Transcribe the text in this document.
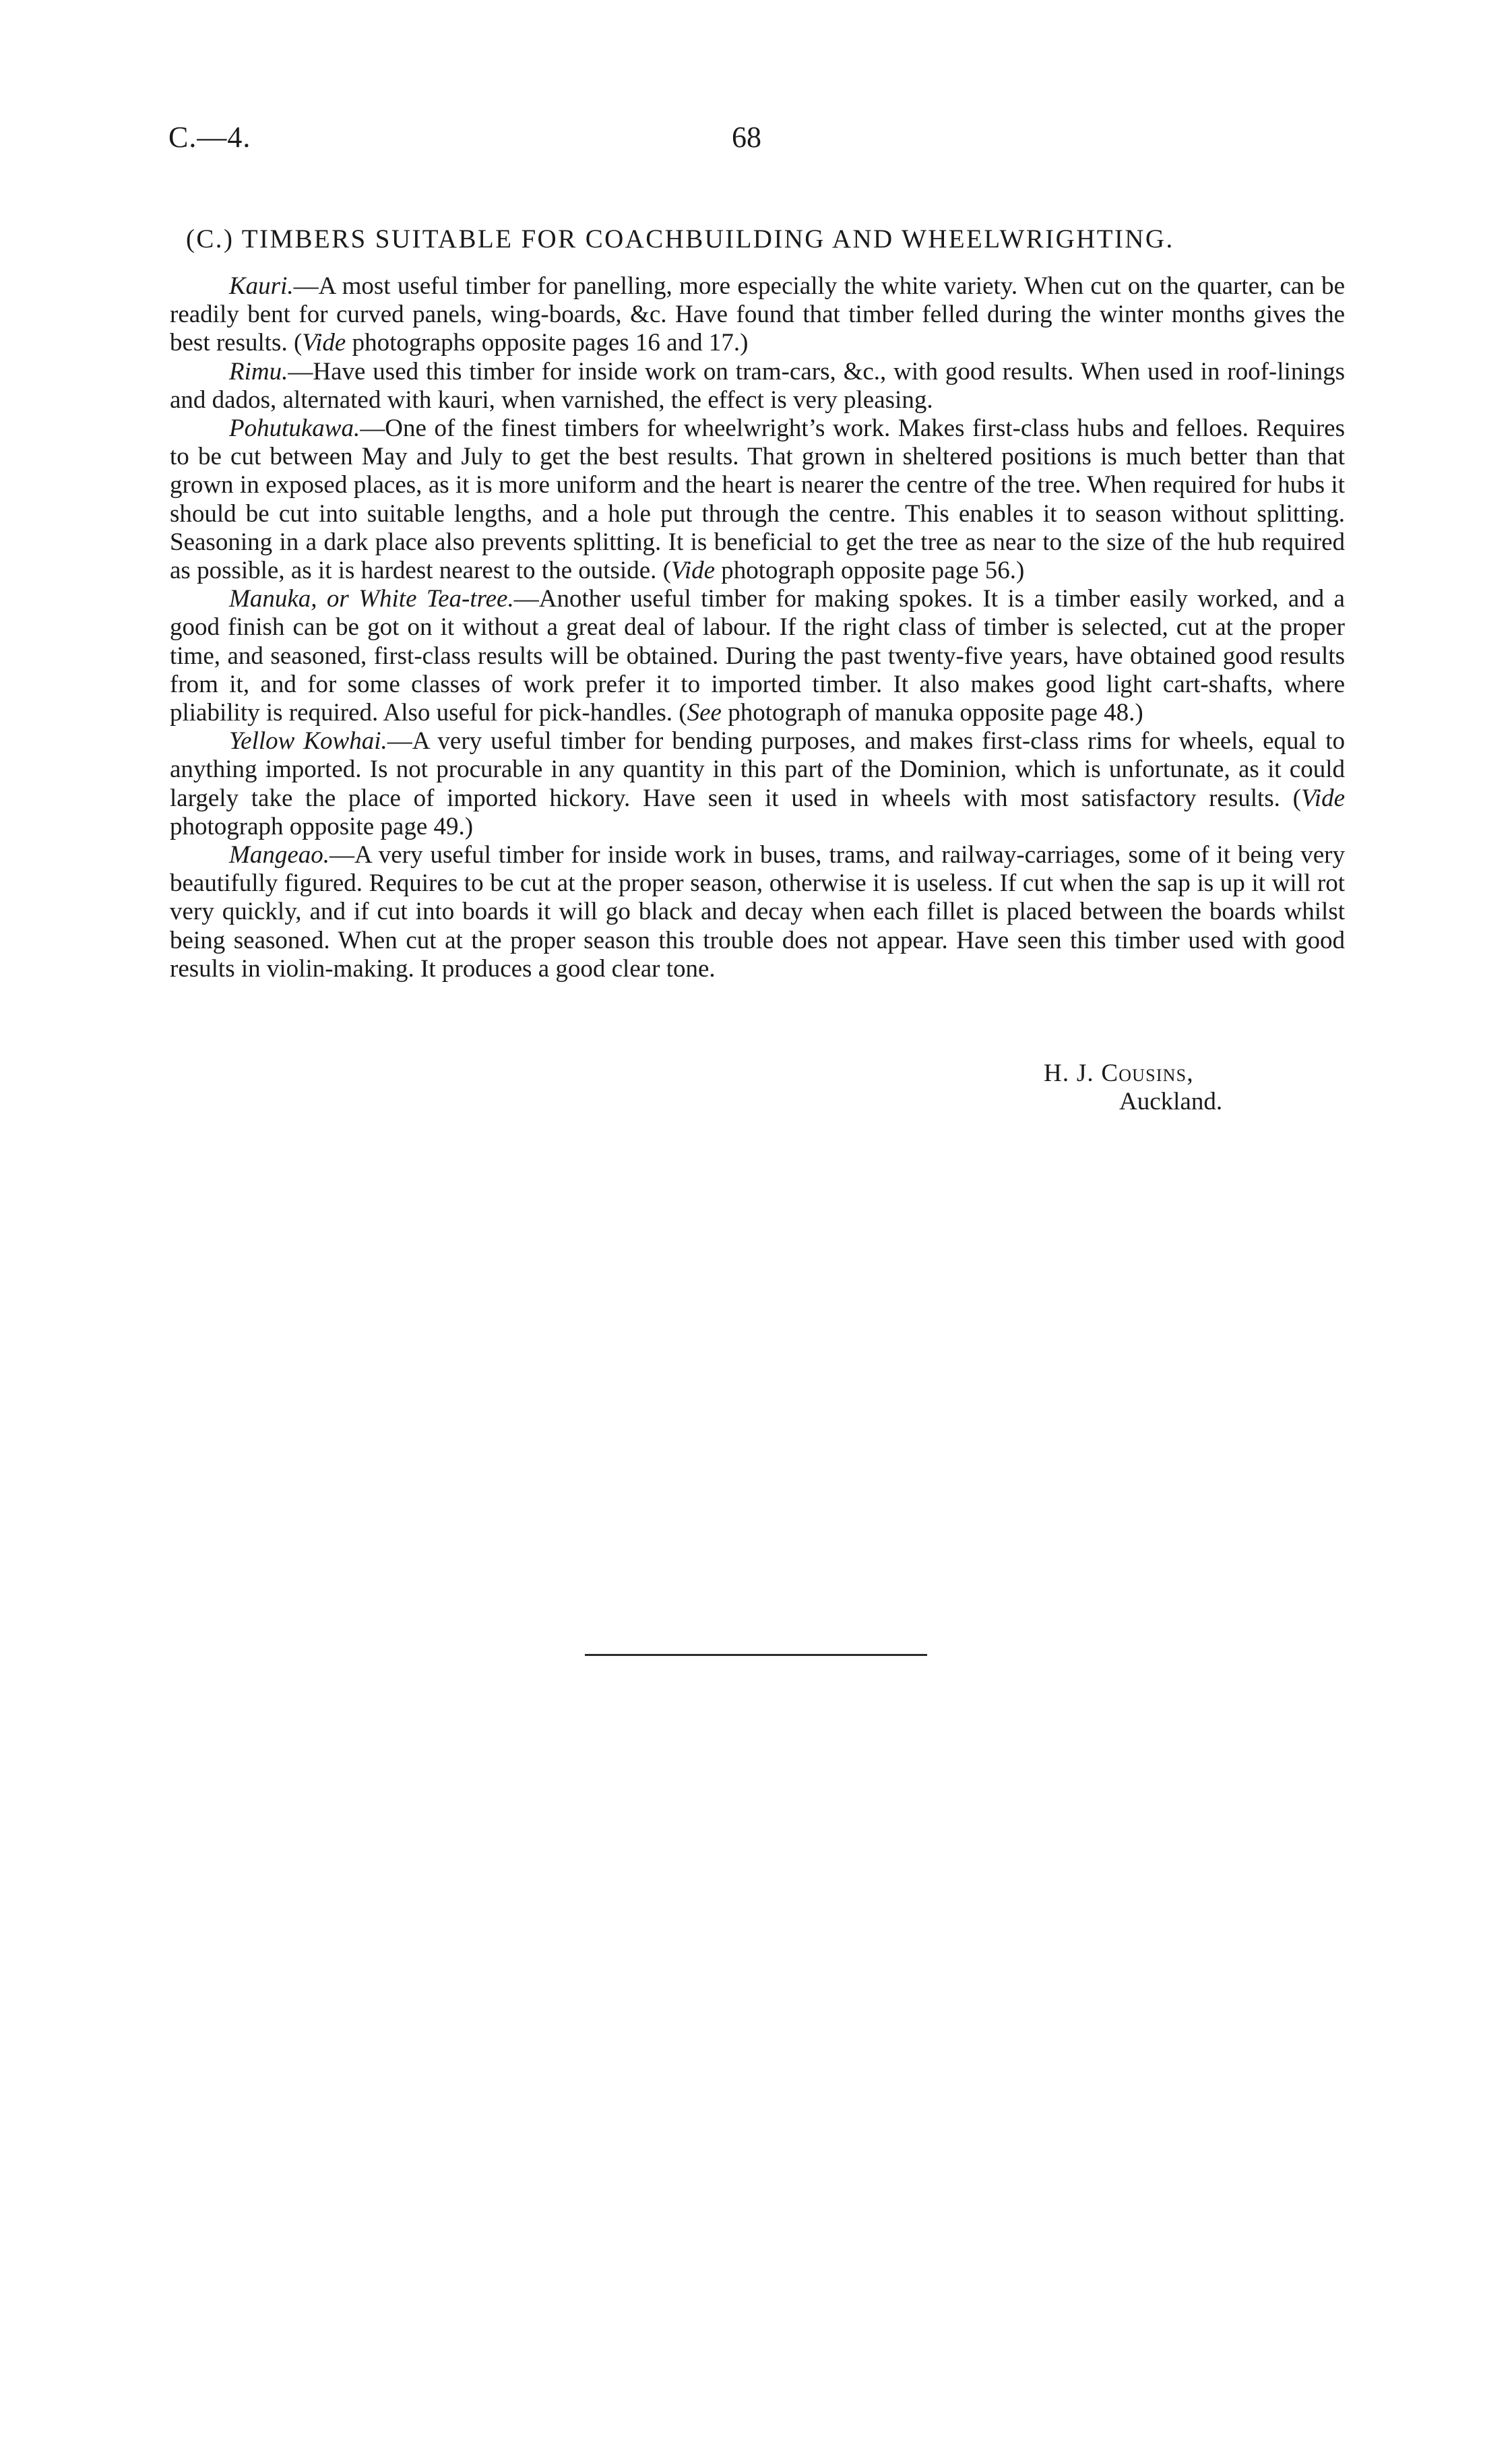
C.—4.	68
(C.) TIMBERS SUITABLE FOR COACHBUILDING AND WHEELWRIGHTING.

Kauri.—A most useful timber for panelling, more especially the white variety. When cut on the quarter, can be readily bent for curved panels, wing-boards, &c. Have found that timber felled during the winter months gives the best results. (Vide photographs opposite pages 16 and 17.)

Rimu.—Have used this timber for inside work on tram-cars, &c., with good results. When used in roof-linings and dados, alternated with kauri, when varnished, the effect is very pleasing.

Pohutukawa.—One of the finest timbers for wheelwright’s work. Makes first-class hubs and felloes. Requires to be cut between May and July to get the best results. That grown in sheltered positions is much better than that grown in exposed places, as it is more uniform and the heart is nearer the centre of the tree. When required for hubs it should be cut into suitable lengths, and a hole put through the centre. This enables it to season without splitting. Seasoning in a dark place also prevents splitting. It is beneficial to get the tree as near to the size of the hub required as possible, as it is hardest nearest to the outside. (Vide photograph opposite page 56.)

Manuka, or White Tea-tree.—Another useful timber for making spokes. It is a timber easily worked, and a good finish can be got on it without a great deal of labour. If the right class of timber is selected, cut at the proper time, and seasoned, first-class results will be obtained. During the past twenty-five years, have obtained good results from it, and for some classes of work prefer it to imported timber. It also makes good light cart-shafts, where pliability is required. Also useful for pick-handles. (See photograph of manuka opposite page 48.)

Yellow Kowhai.—A very useful timber for bending purposes, and makes first-class rims for wheels, equal to anything imported. Is not procurable in any quantity in this part of the Dominion, which is unfortunate, as it could largely take the place of imported hickory. Have seen it used in wheels with most satisfactory results. (Vide photograph opposite page 49.)

Mangeao.—A very useful timber for inside work in buses, trams, and railway-carriages, some of it being very beautifully figured. Requires to be cut at the proper season, otherwise it is useless. If cut when the sap is up it will rot very quickly, and if cut into boards it will go black and decay when each fillet is placed between the boards whilst being seasoned. When cut at the proper season this trouble does not appear. Have seen this timber used with good results in violin-making. It produces a good clear tone.

H. J. Cousins,
Auckland.
